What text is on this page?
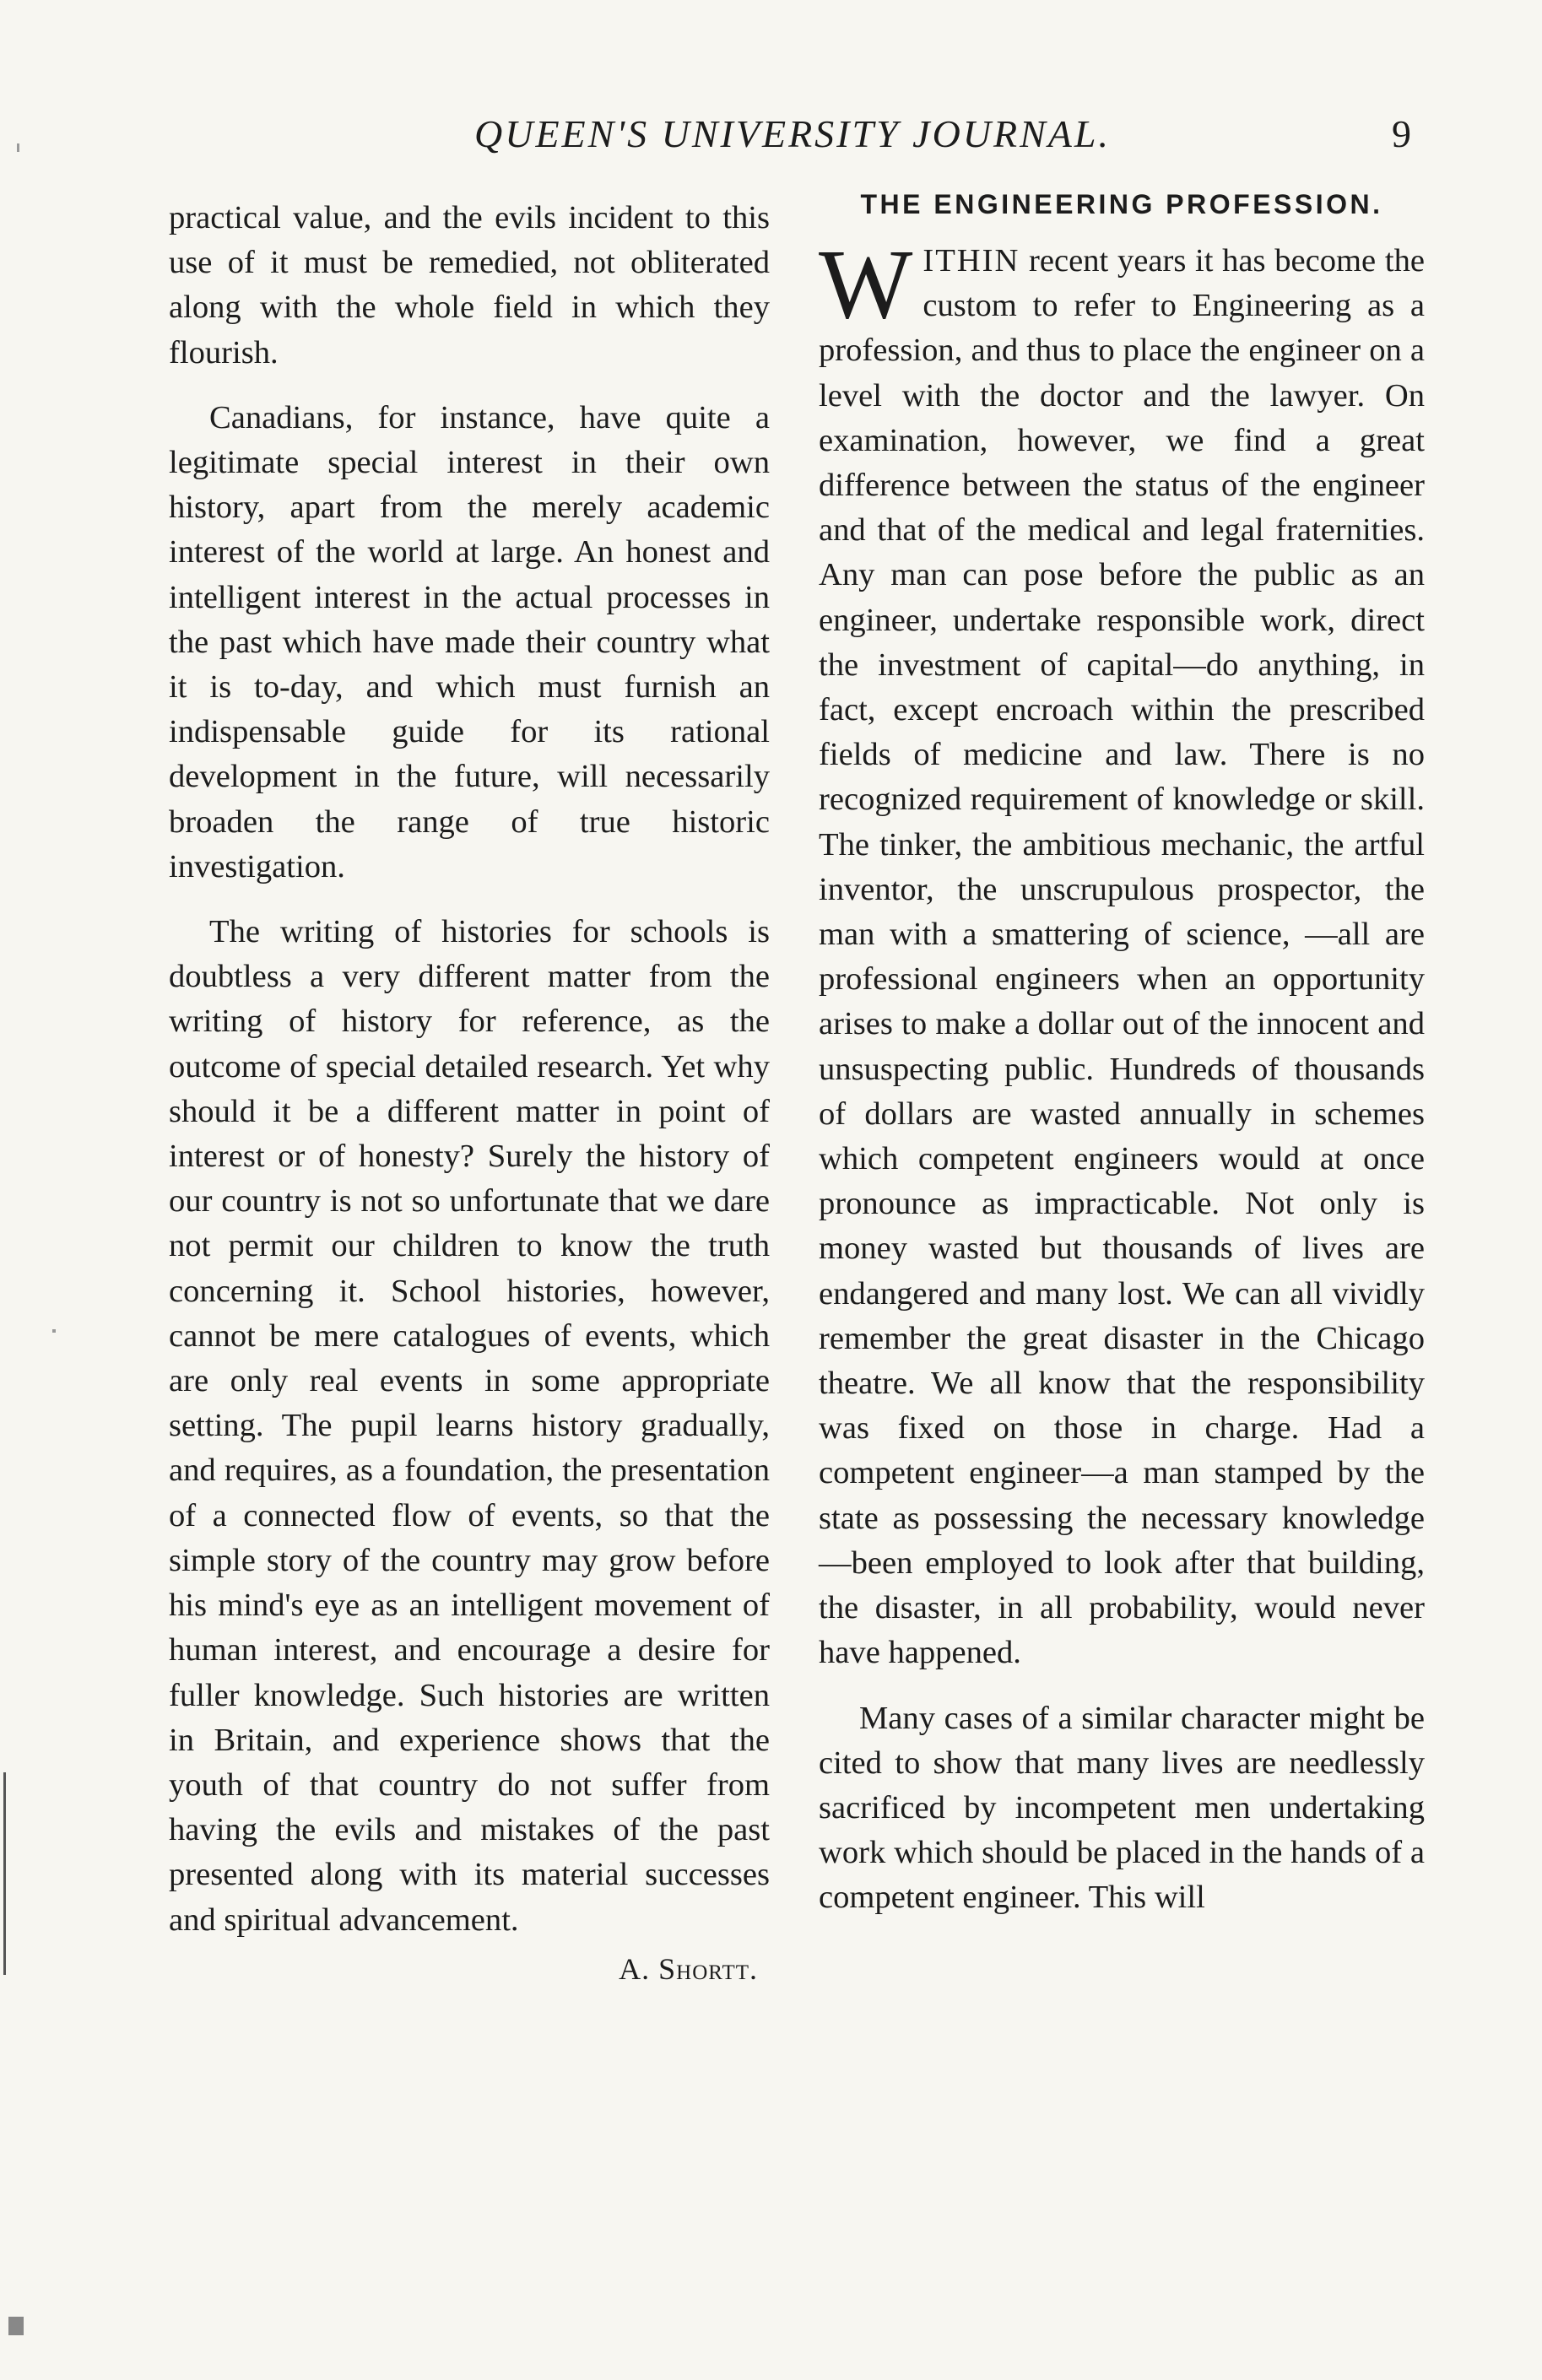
QUEEN'S UNIVERSITY JOURNAL.	9

practical value, and the evils incident to this use of it must be remedied, not obliterated along with the whole field in which they flourish.

Canadians, for instance, have quite a legitimate special interest in their own history, apart from the merely academic interest of the world at large. An honest and intelligent interest in the actual processes in the past which have made their country what it is to-day, and which must furnish an indispensable guide for its rational development in the future, will necessarily broaden the range of true historic investigation.

The writing of histories for schools is doubtless a very different matter from the writing of history for reference, as the outcome of special detailed research. Yet why should it be a different matter in point of interest or of honesty? Surely the history of our country is not so unfortunate that we dare not permit our children to know the truth concerning it. School histories, however, cannot be mere catalogues of events, which are only real events in some appropriate setting. The pupil learns history gradually, and requires, as a foundation, the presentation of a connected flow of events, so that the simple story of the country may grow before his mind's eye as an intelligent movement of human interest, and encourage a desire for fuller knowledge. Such histories are written in Britain, and experience shows that the youth of that country do not suffer from having the evils and mistakes of the past presented along with its material successes and spiritual advancement.

A. Shortt.
THE ENGINEERING PROFESSION.

WITHIN recent years it has become the custom to refer to Engineering as a profession, and thus to place the engineer on a level with the doctor and the lawyer. On examination, however, we find a great difference between the status of the engineer and that of the medical and legal fraternities. Any man can pose before the public as an engineer, undertake responsible work, direct the investment of capital—do anything, in fact, except encroach within the prescribed fields of medicine and law. There is no recognized requirement of knowledge or skill. The tinker, the ambitious mechanic, the artful inventor, the unscrupulous prospector, the man with a smattering of science, —all are professional engineers when an opportunity arises to make a dollar out of the innocent and unsuspecting public. Hundreds of thousands of dollars are wasted annually in schemes which competent engineers would at once pronounce as impracticable. Not only is money wasted but thousands of lives are endangered and many lost. We can all vividly remember the great disaster in the Chicago theatre. We all know that the responsibility was fixed on those in charge. Had a competent engineer—a man stamped by the state as possessing the necessary knowledge—been employed to look after that building, the disaster, in all probability, would never have happened.

Many cases of a similar character might be cited to show that many lives are needlessly sacrificed by incompetent men undertaking work which should be placed in the hands of a competent engineer. This will
